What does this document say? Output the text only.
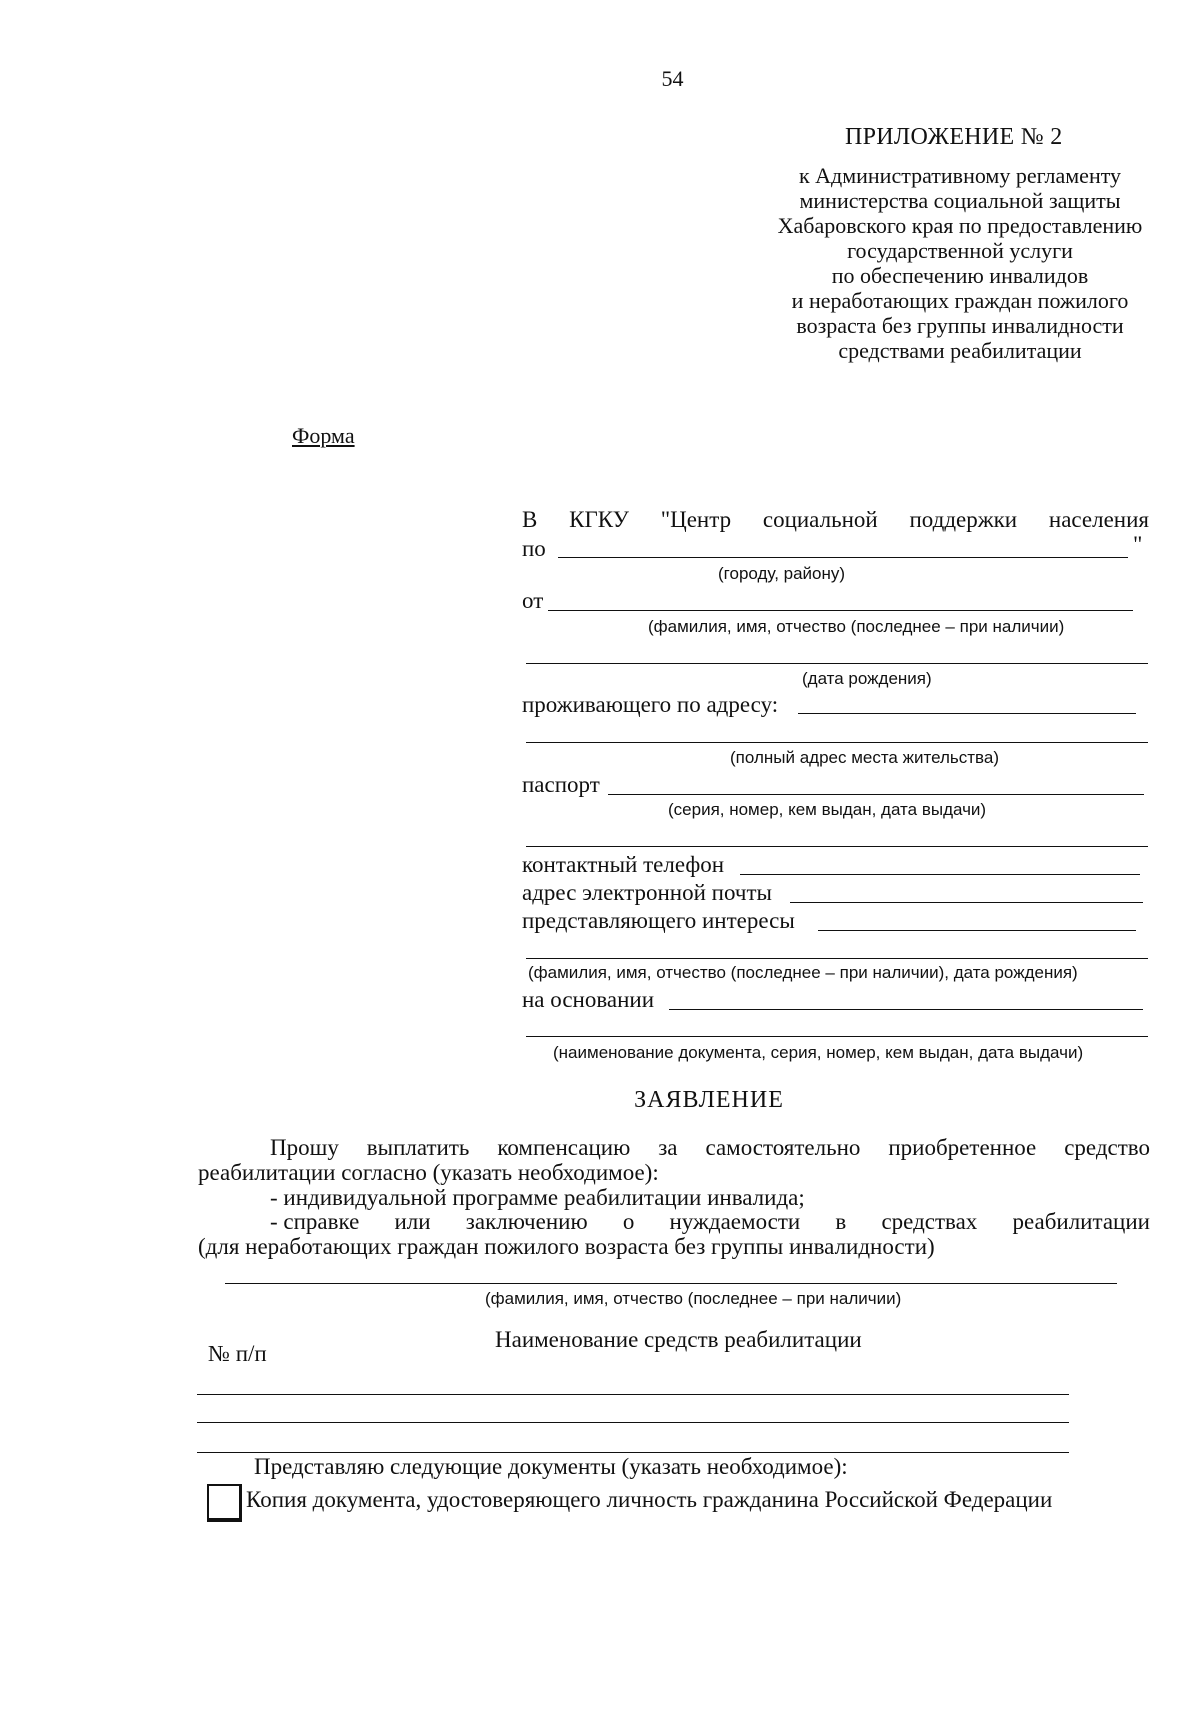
54
ПРИЛОЖЕНИЕ № 2
к Административному регламенту
министерства социальной защиты
Хабаровского края по предоставлению
государственной услуги
по обеспечению инвалидов
и неработающих граждан пожилого
возраста без группы инвалидности
средствами реабилитации
Форма
В КГКУ "Центр социальной поддержки населения
по	"
(городу, району)
от
(фамилия, имя, отчество (последнее – при наличии)
(дата рождения)
проживающего по адресу:
(полный адрес места жительства)
паспорт
(серия, номер, кем выдан, дата выдачи)
контактный телефон
адрес электронной почты
представляющего интересы
(фамилия, имя, отчество (последнее – при наличии), дата рождения)
на основании
(наименование документа, серия, номер, кем выдан, дата выдачи)
ЗАЯВЛЕНИЕ
Прошу выплатить компенсацию за самостоятельно приобретенное средство
реабилитации согласно (указать необходимое):
- индивидуальной программе реабилитации инвалида;
- справке или заключению о нуждаемости в средствах реабилитации
(для неработающих граждан пожилого возраста без группы инвалидности)
(фамилия, имя, отчество (последнее – при наличии)
№ п/п
Наименование средств реабилитации
Представляю следующие документы (указать необходимое):
Копия документа, удостоверяющего личность гражданина Российской Федерации
